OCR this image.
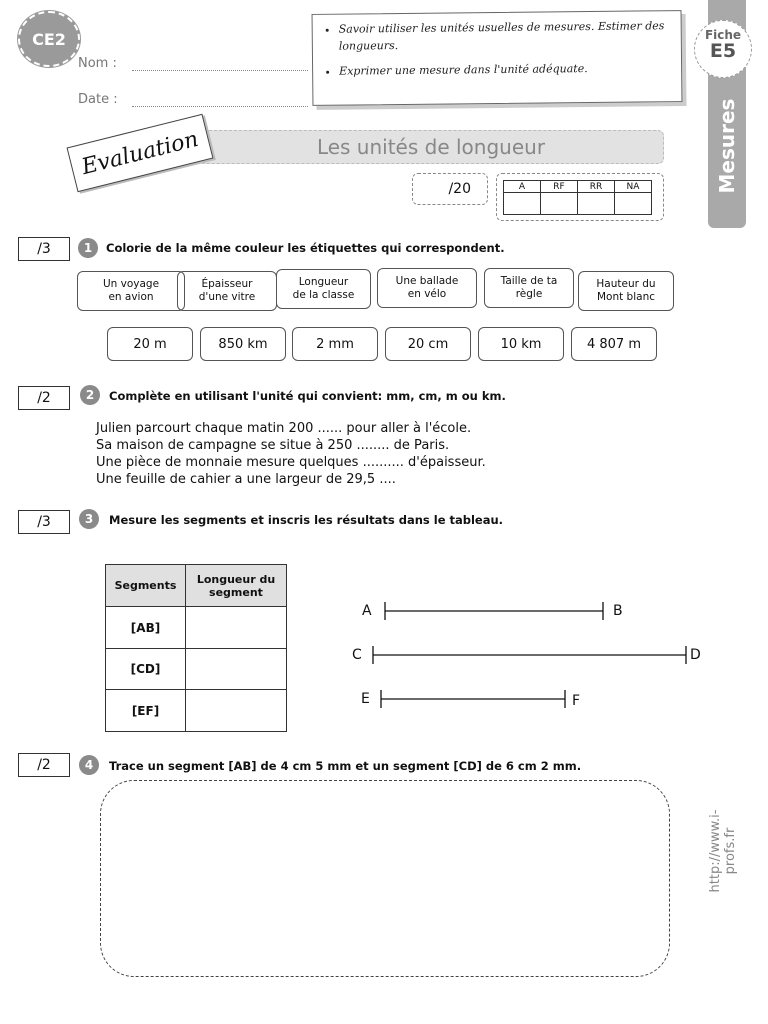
CE2
Nom :
Date :
• Savoir utiliser les unités usuelles de mesures. Estimer des longueurs.
• Exprimer une mesure dans l'unité adéquate.
Mesures
Fiche
E5
Les unités de longueur
Evaluation
/20	A	RF	RR	NA

/3	1	Colorie de la même couleur les étiquettes qui correspondent.
Un voyage
en avion
Épaisseur
d'une vitre
Longueur
de la classe
Une ballade
en vélo
Taille de ta
règle
Hauteur du
Mont blanc
20 m	850 km	2 mm	20 cm	10 km	4 807 m
/2	2	Complète en utilisant l'unité qui convient: mm, cm, m ou km.
Julien parcourt chaque matin 200 ...... pour aller à l'école.
Sa maison de campagne se situe à 250 ........ de Paris.
Une pièce de monnaie mesure quelques .......... d'épaisseur.
Une feuille de cahier a une largeur de 29,5 ....
/3	3	Mesure les segments et inscris les résultats dans le tableau.
Segments	Longueur du segment
[AB]	
[CD]	
[EF]	
A	B
C	D
E	F
/2	4	Trace un segment [AB] de 4 cm 5 mm et un segment [CD] de 6 cm 2 mm.
http://www.i-profs.fr
